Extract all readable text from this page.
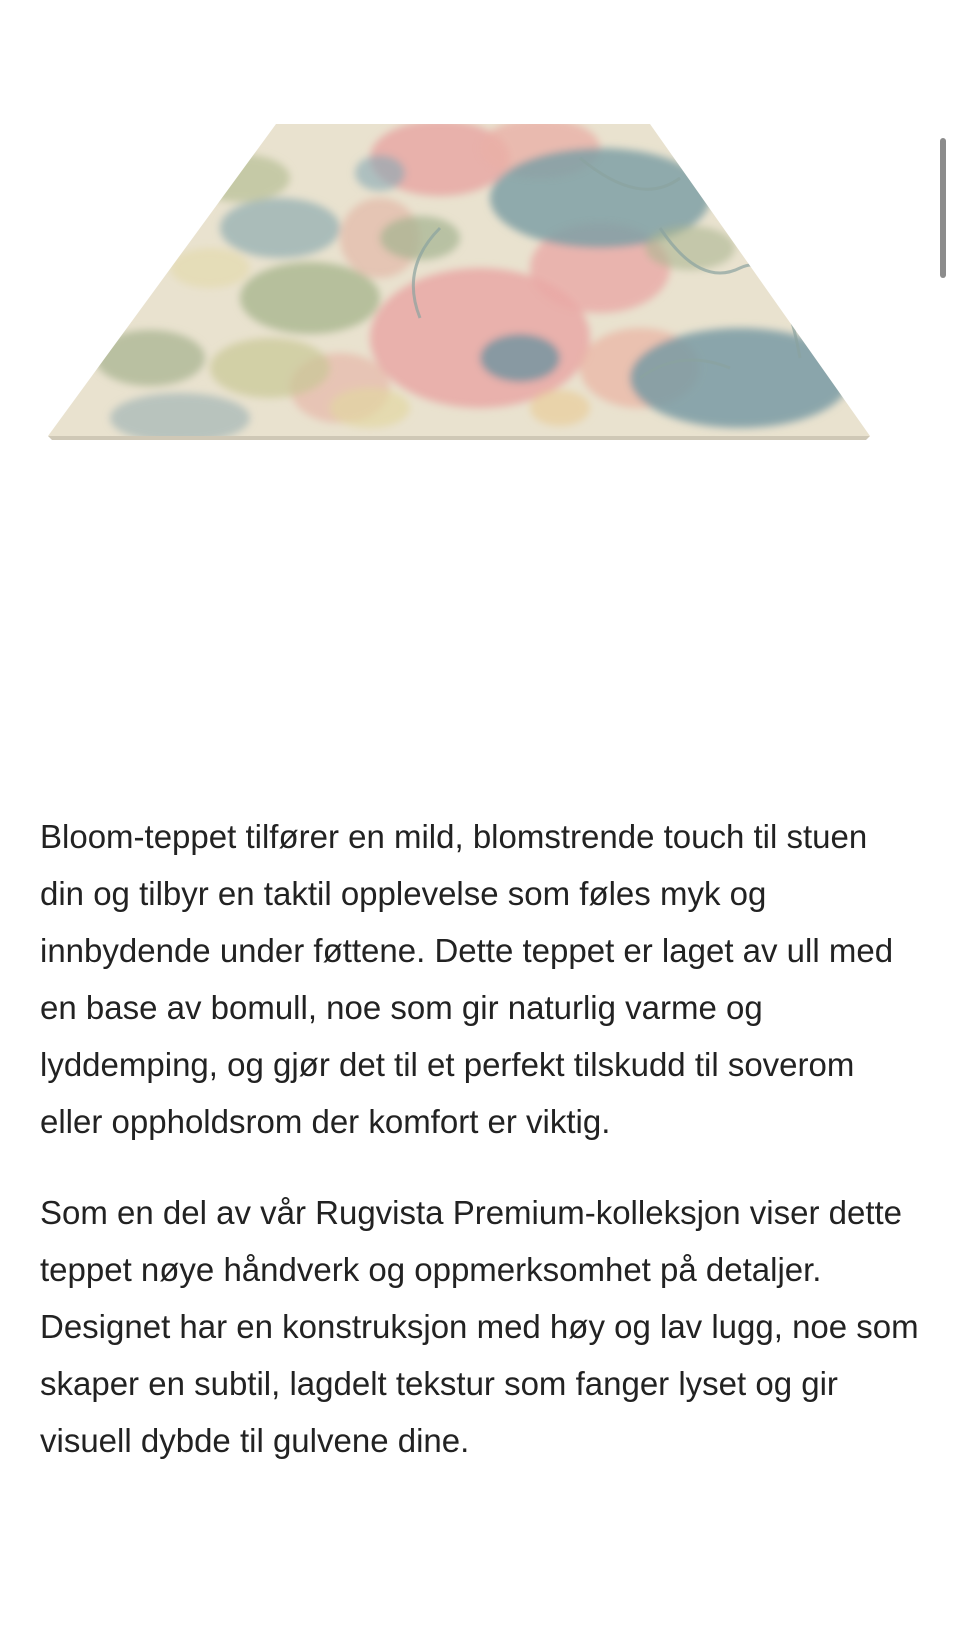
Bloom-teppet tilfører en mild, blomstrende touch til stuen din og tilbyr en taktil opplevelse som føles myk og innbydende under føttene. Dette teppet er laget av ull med en base av bomull, noe som gir naturlig varme og lyddemping, og gjør det til et perfekt tilskudd til soverom eller oppholdsrom der komfort er viktig.

Som en del av vår Rugvista Premium-kolleksjon viser dette teppet nøye håndverk og oppmerksomhet på detaljer. Designet har en konstruksjon med høy og lav lugg, noe som skaper en subtil, lagdelt tekstur som fanger lyset og gir visuell dybde til gulvene dine.
